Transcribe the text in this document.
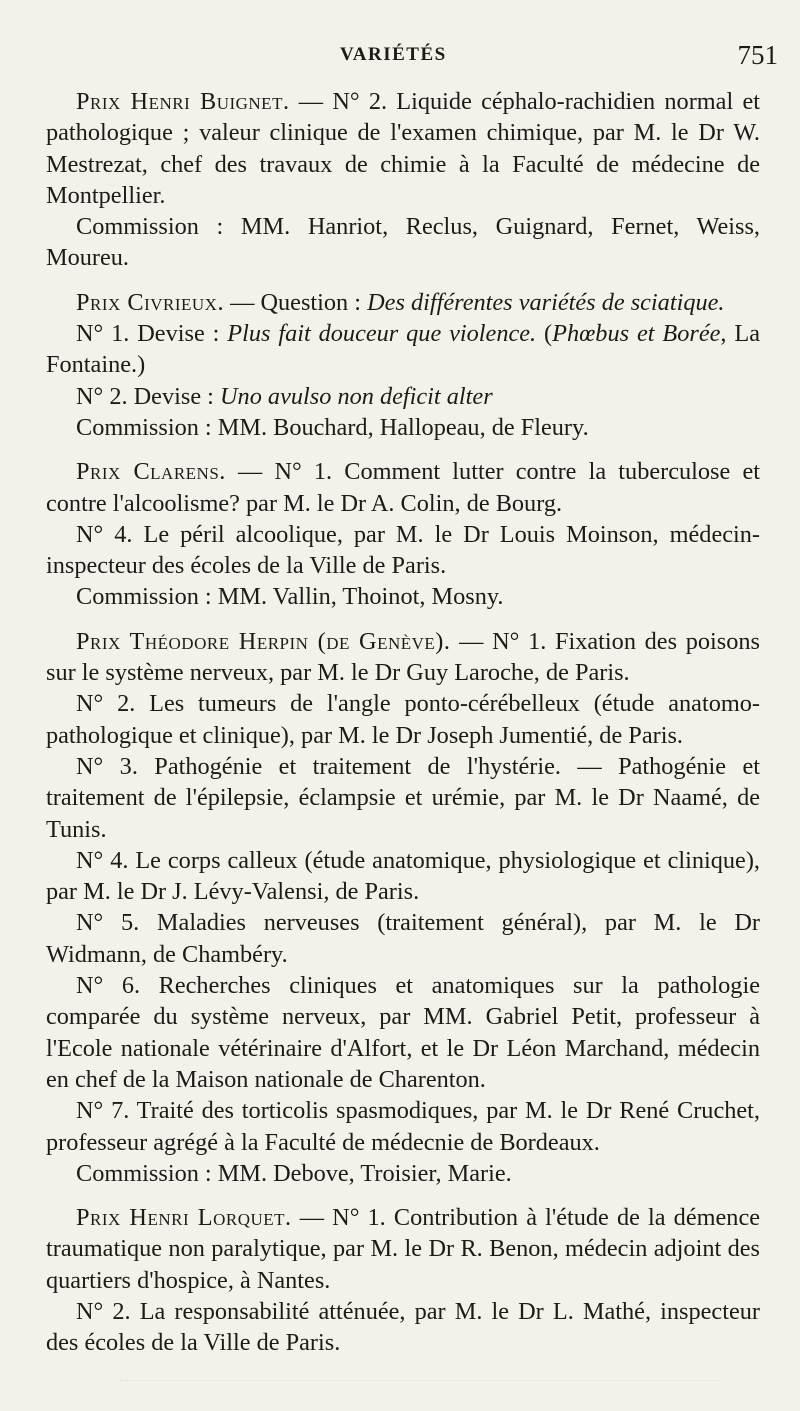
VARIÉTÉS	751

Prix Henri Buignet. — N° 2. Liquide céphalo-rachidien normal et pathologique ; valeur clinique de l'examen chimique, par M. le Dr W. Mestrezat, chef des travaux de chimie à la Faculté de médecine de Montpellier.

Commission : MM. Hanriot, Reclus, Guignard, Fernet, Weiss, Moureu.

Prix Civrieux. — Question : Des différentes variétés de sciatique.

N° 1. Devise : Plus fait douceur que violence. (Phœbus et Borée, La Fontaine.)

N° 2. Devise : Uno avulso non deficit alter

Commission : MM. Bouchard, Hallopeau, de Fleury.

Prix Clarens. — N° 1. Comment lutter contre la tuberculose et contre l'alcoolisme? par M. le Dr A. Colin, de Bourg.

N° 4. Le péril alcoolique, par M. le Dr Louis Moinson, médecin-inspecteur des écoles de la Ville de Paris.

Commission : MM. Vallin, Thoinot, Mosny.

Prix Théodore Herpin (de Genève). — N° 1. Fixation des poisons sur le système nerveux, par M. le Dr Guy Laroche, de Paris.

N° 2. Les tumeurs de l'angle ponto-cérébelleux (étude anatomo-pathologique et clinique), par M. le Dr Joseph Jumentié, de Paris.

N° 3. Pathogénie et traitement de l'hystérie. — Pathogénie et traitement de l'épilepsie, éclampsie et urémie, par M. le Dr Naamé, de Tunis.

N° 4. Le corps calleux (étude anatomique, physiologique et clinique), par M. le Dr J. Lévy-Valensi, de Paris.

N° 5. Maladies nerveuses (traitement général), par M. le Dr Widmann, de Chambéry.

N° 6. Recherches cliniques et anatomiques sur la pathologie comparée du système nerveux, par MM. Gabriel Petit, professeur à l'Ecole nationale vétérinaire d'Alfort, et le Dr Léon Marchand, médecin en chef de la Maison nationale de Charenton.

N° 7. Traité des torticolis spasmodiques, par M. le Dr René Cruchet, professeur agrégé à la Faculté de médecnie de Bordeaux.

Commission : MM. Debove, Troisier, Marie.

Prix Henri Lorquet. — N° 1. Contribution à l'étude de la démence traumatique non paralytique, par M. le Dr R. Benon, médecin adjoint des quartiers d'hospice, à Nantes.

N° 2. La responsabilité atténuée, par M. le Dr L. Mathé, inspecteur des écoles de la Ville de Paris.
